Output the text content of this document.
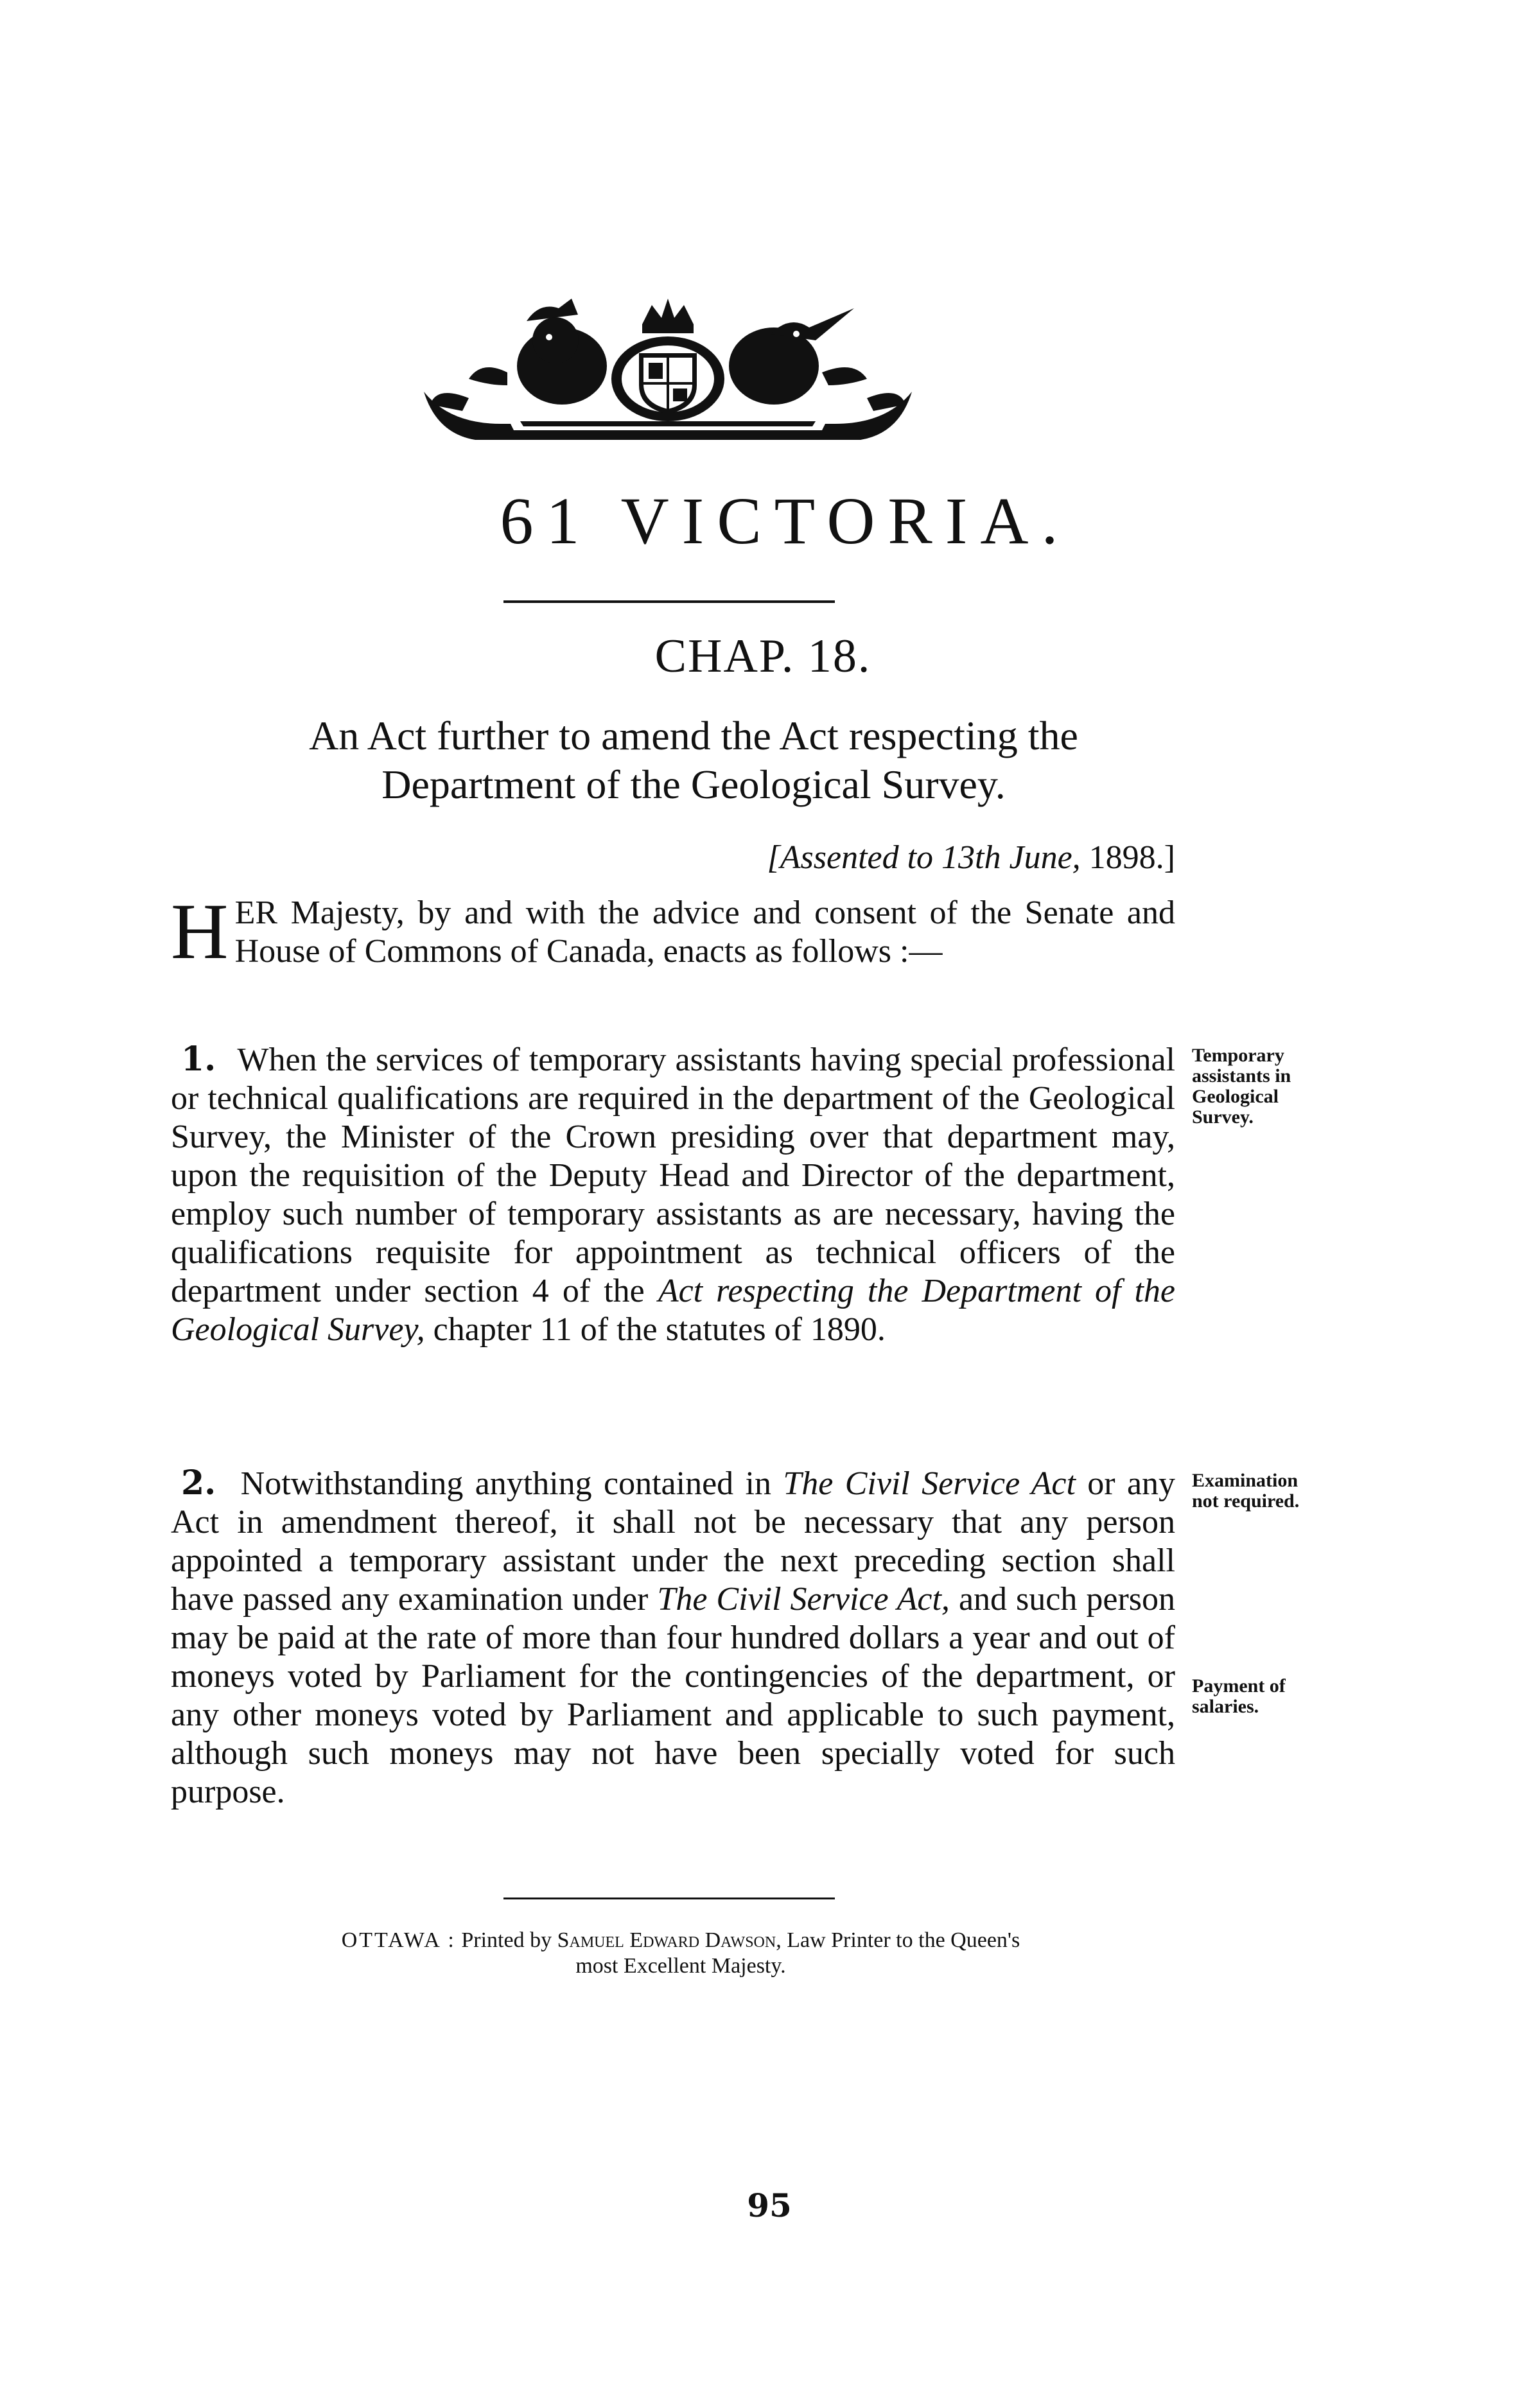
61 VICTORIA.
CHAP. 18.
An Act further to amend the Act respecting the
Department of the Geological Survey.
[Assented to 13th June, 1898.]
H ER Majesty, by and with the advice and consent of the Senate and House of Commons of Canada, enacts as follows :—
1. When the services of temporary assistants having special professional or technical qualifications are required in the department of the Geological Survey, the Minister of the Crown presiding over that department may, upon the requisition of the Deputy Head and Director of the department, employ such number of temporary assistants as are necessary, having the qualifications requisite for appointment as technical officers of the department under section 4 of the Act respecting the Department of the Geological Survey, chapter 11 of the statutes of 1890.
2. Notwithstanding anything contained in The Civil Service Act or any Act in amendment thereof, it shall not be necessary that any person appointed a temporary assistant under the next preceding section shall have passed any examination under The Civil Service Act, and such person may be paid at the rate of more than four hundred dollars a year and out of moneys voted by Parliament for the contingencies of the department, or any other moneys voted by Parliament and applicable to such payment, although such moneys may not have been specially voted for such purpose.
Temporary assistants in Geological Survey.
Examination not required.
Payment of salaries.
OTTAWA : Printed by Samuel Edward Dawson, Law Printer to the Queen's
most Excellent Majesty.
95
